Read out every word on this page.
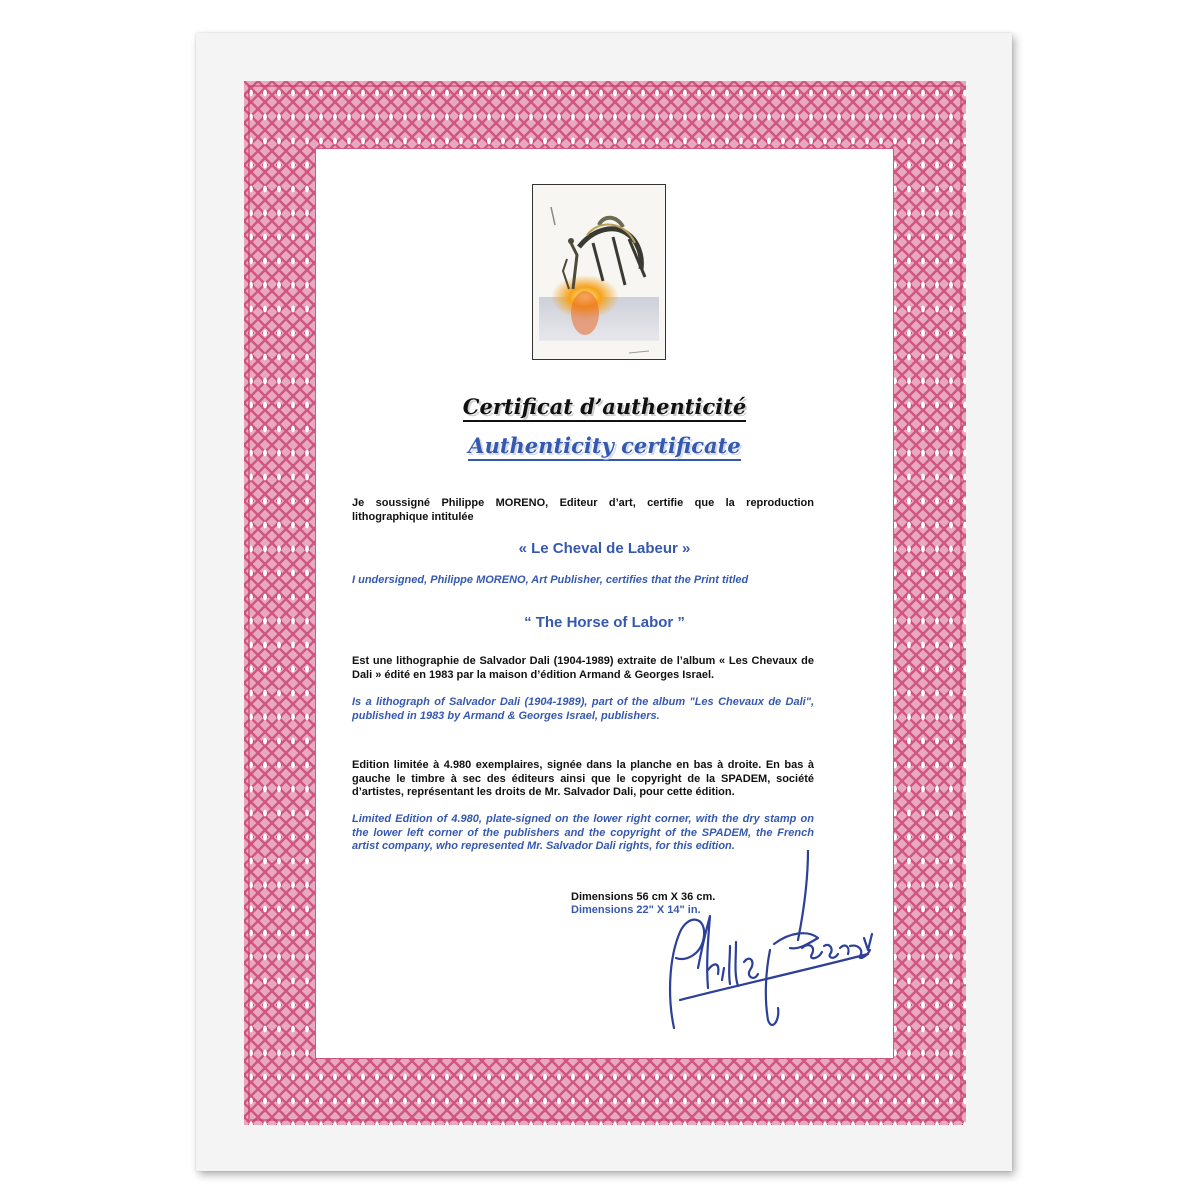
Certificat d’authenticité
Authenticity certificate
Je soussigné Philippe MORENO, Editeur d’art, certifie que la reproduction lithographique intitulée
« Le Cheval de Labeur »
I undersigned, Philippe MORENO, Art Publisher, certifies that the Print titled
“ The Horse of Labor ”
Est une lithographie de Salvador Dali (1904-1989) extraite de l’album « Les Chevaux de Dali » édité en 1983 par la maison d’édition Armand & Georges Israel.
Is a lithograph of Salvador Dali (1904-1989), part of the album "Les Chevaux de Dali", published in 1983 by Armand & Georges Israel, publishers.
Edition limitée à 4.980 exemplaires, signée dans la planche en bas à droite. En bas à gauche le timbre à sec des éditeurs ainsi que le copyright de la SPADEM, société d’artistes, représentant les droits de Mr. Salvador Dali, pour cette édition.
Limited Edition of 4.980, plate-signed on the lower right corner, with the dry stamp on the lower left corner of the publishers and the copyright of the SPADEM, the French artist company, who represented Mr. Salvador Dali rights, for this edition.
Dimensions 56 cm X 36 cm.
Dimensions 22" X 14" in.
